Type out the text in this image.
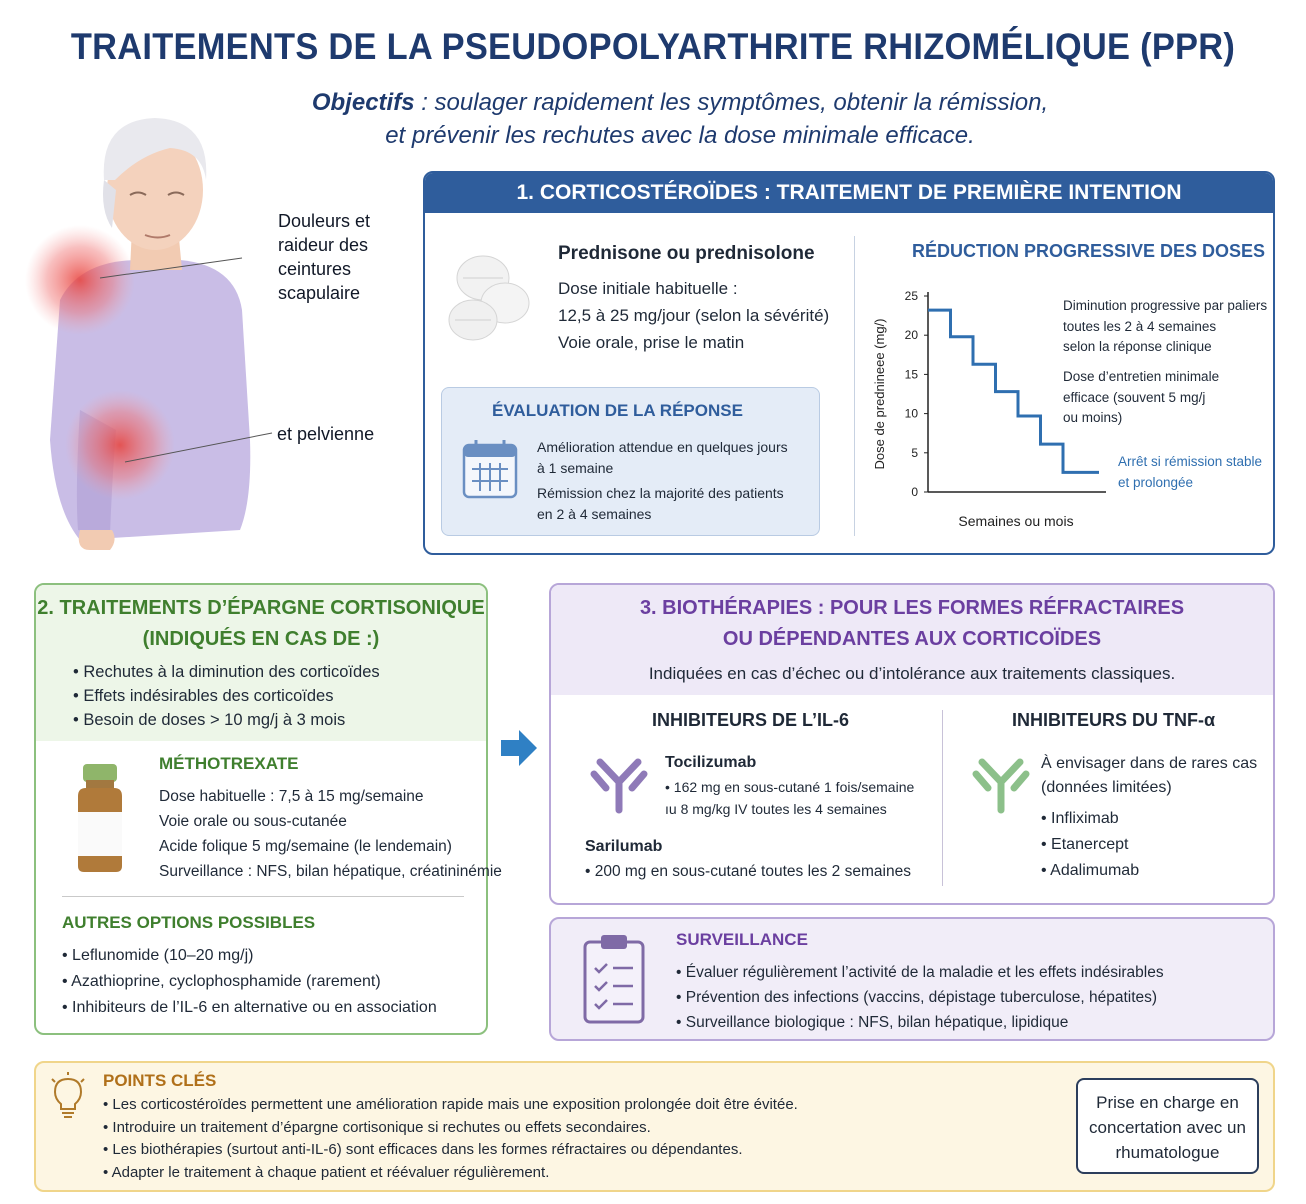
TRAITEMENTS DE LA PSEUDOPOLYARTHRITE RHIZOMÉLIQUE (PPR)
Objectifs : soulager rapidement les symptômes, obtenir la rémission,
et prévenir les rechutes avec la dose minimale efficace.
Douleurs et
raideur des
ceintures
scapulaire
et pelvienne
1. CORTICOSTÉROÏDES : TRAITEMENT DE PREMIÈRE INTENTION
Prednisone ou prednisolone
Dose initiale habituelle :
12,5 à 25 mg/jour (selon la sévérité)
Voie orale, prise le matin
ÉVALUATION DE LA RÉPONSE
Amélioration attendue en quelques jours
à 1 semaine
Rémission chez la majorité des patients
en 2 à 4 semaines
RÉDUCTION PROGRESSIVE DES DOSES
0
5
10
15
20
25
Semaines ou mois
Dose de prednineee (mg/)
Diminution progressive par paliers
toutes les 2 à 4 semaines
selon la réponse clinique
Dose d’entretien minimale
efficace (souvent 5 mg/j
ou moins)
Arrêt si rémission stable
et prolongée
2. TRAITEMENTS D’ÉPARGNE CORTISONIQUE
(INDIQUÉS EN CAS DE :)
• Rechutes à la diminution des corticoïdes
• Effets indésirables des corticoïdes
• Besoin de doses > 10 mg/j à 3 mois
MÉTHOTREXATE
Dose habituelle : 7,5 à 15 mg/semaine
Voie orale ou sous-cutanée
Acide folique 5 mg/semaine (le lendemain)
Surveillance : NFS, bilan hépatique, créatininémie
AUTRES OPTIONS POSSIBLES
• Leflunomide (10–20 mg/j)
• Azathioprine, cyclophosphamide (rarement)
• Inhibiteurs de l’IL-6 en alternative ou en association
3. BIOTHÉRAPIES : POUR LES FORMES RÉFRACTAIRES
OU DÉPENDANTES AUX CORTICOÏDES
Indiquées en cas d’échec ou d’intolérance aux traitements classiques.
INHIBITEURS DE L’IL-6
Tocilizumab
• 162 mg en sous-cutané 1 fois/semaine
ıu 8 mg/kg IV toutes les 4 semaines
Sarilumab
• 200 mg en sous-cutané toutes les 2 semaines
INHIBITEURS DU TNF-α
À envisager dans de rares cas
(données limitées)
• Infliximab
• Etanercept
• Adalimumab
SURVEILLANCE
• Évaluer régulièrement l’activité de la maladie et les effets indésirables
• Prévention des infections (vaccins, dépistage tuberculose, hépatites)
• Surveillance biologique : NFS, bilan hépatique, lipidique
POINTS CLÉS
• Les corticostéroïdes permettent une amélioration rapide mais une exposition prolongée doit être évitée.
• Introduire un traitement d’épargne cortisonique si rechutes ou effets secondaires.
• Les biothérapies (surtout anti-IL-6) sont efficaces dans les formes réfractaires ou dépendantes.
• Adapter le traitement à chaque patient et réévaluer régulièrement.
Prise en charge en
concertation avec un
rhumatologue
